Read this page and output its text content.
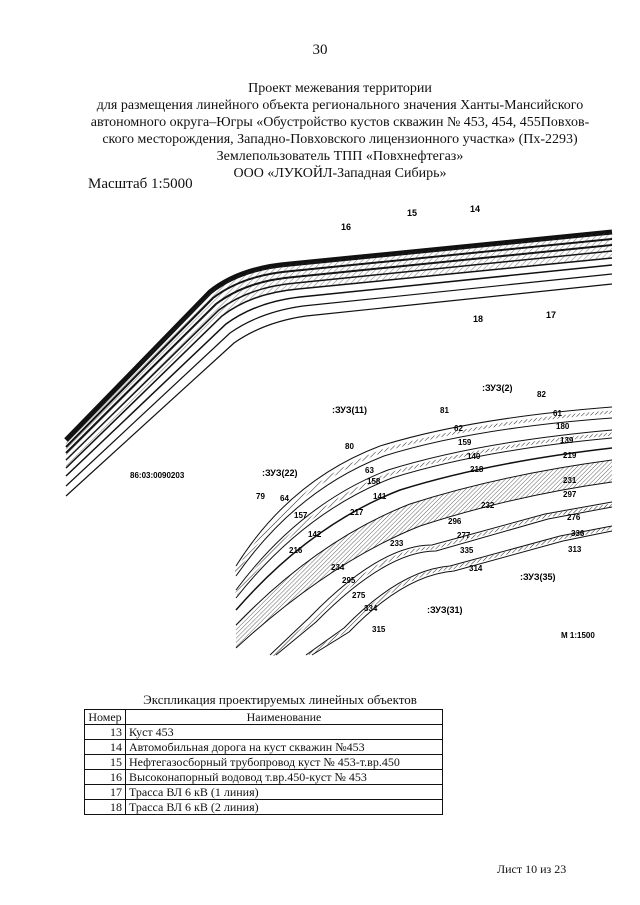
30
Проект межевания территории
для размещения линейного объекта регионального значения Ханты-Мансийского
автономного округа–Югры «Обустройство кустов скважин № 453, 454, 455Повхов-
ского месторождения, Западно-Повховского лицензионного участка» (Пх-2293)
Землепользователь ТПП «Повхнефтегаз»
ООО «ЛУКОЙЛ-Западная Сибирь»
Масштаб 1:5000
16
15	14
18	17
86:03:0090203
:ЗУЗ(11)
:ЗУЗ(2)
:ЗУЗ(22)
:ЗУЗ(35)
:ЗУЗ(31)
81
82
80
62
61
159
180
139
140	219
218
63
158
141
231
79 64
217
232
297
157
142
296	276
277	336
233
216	335	313
234	314
295
275
334
315
М 1:1500
Экспликация проектируемых линейных объектов
Номер	Наименование
13	Куст 453
14	Автомобильная дорога на куст скважин №453
15	Нефтегазосборный трубопровод куст № 453-т.вр.450
16	Высоконапорный водовод т.вр.450-куст № 453
17	Трасса ВЛ 6 кВ (1 линия)
18	Трасса ВЛ 6 кВ (2 линия)
Лист 10 из 23
